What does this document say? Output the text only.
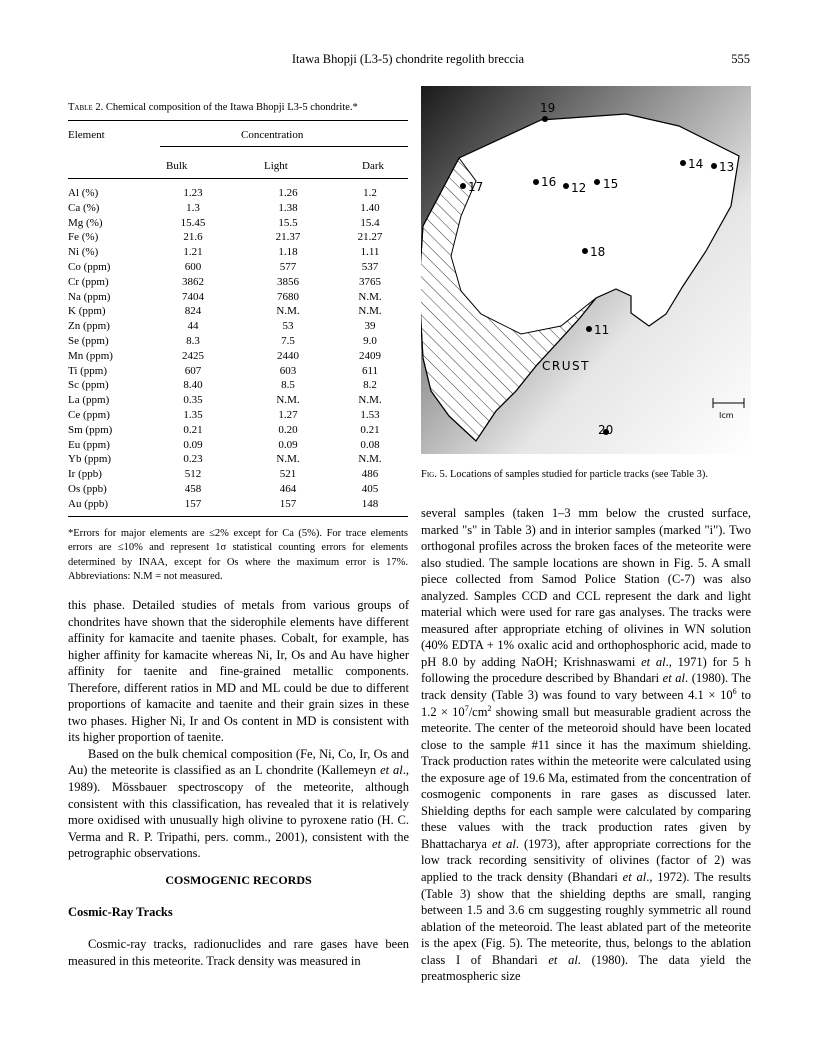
Itawa Bhopji (L3-5) chondrite regolith breccia	555
Table 2. Chemical composition of the Itawa Bhopji L3-5 chondrite.*
Element	Concentration
Bulk	Light	Dark
Al (%)	1.23	1.26	1.2
Ca (%)	1.3	1.38	1.40
Mg (%)	15.45	15.5	15.4
Fe (%)	21.6	21.37	21.27
Ni (%)	1.21	1.18	1.11
Co (ppm)	600	577	537
Cr (ppm)	3862	3856	3765
Na (ppm)	7404	7680	N.M.
K (ppm)	824	N.M.	N.M.
Zn (ppm)	44	53	39
Se (ppm)	8.3	7.5	9.0
Mn (ppm)	2425	2440	2409
Ti (ppm)	607	603	611
Sc (ppm)	8.40	8.5	8.2
La (ppm)	0.35	N.M.	N.M.
Ce (ppm)	1.35	1.27	1.53
Sm (ppm)	0.21	0.20	0.21
Eu (ppm)	0.09	0.09	0.08
Yb (ppm)	0.23	N.M.	N.M.
Ir (ppb)	512	521	486
Os (ppb)	458	464	405
Au (ppb)	157	157	148
*Errors for major elements are ≤2% except for Ca (5%). For trace elements errors are ≤10% and represent 1σ statistical counting errors for elements determined by INAA, except for Os where the maximum error is 17%. Abbreviations: N.M = not measured.

this phase. Detailed studies of metals from various groups of chondrites have shown that the siderophile elements have different affinity for kamacite and taenite phases. Cobalt, for example, has higher affinity for kamacite whereas Ni, Ir, Os and Au have higher affinity for taenite and fine-grained metallic components. Therefore, different ratios in MD and ML could be due to different proportions of kamacite and taenite and their grain sizes in these two phases. Higher Ni, Ir and Os content in MD is consistent with its higher proportion of taenite.

Based on the bulk chemical composition (Fe, Ni, Co, Ir, Os and Au) the meteorite is classified as an L chondrite (Kallemeyn et al., 1989). Mössbauer spectroscopy of the meteorite, although consistent with this classification, has revealed that it is relatively more oxidised with unusually high olivine to pyroxene ratio (H. C. Verma and R. P. Tripathi, pers. comm., 2001), consistent with the petrographic observations.

COSMOGENIC RECORDS
Cosmic-Ray Tracks

Cosmic-ray tracks, radionuclides and rare gases have been measured in this meteorite. Track density was measured in

19
17	16 12 15
14 13
18
11
20
CRUST
Icm
Fig. 5. Locations of samples studied for particle tracks (see Table 3).

several samples (taken 1–3 mm below the crusted surface, marked "s" in Table 3) and in interior samples (marked "i"). Two orthogonal profiles across the broken faces of the meteorite were also studied. The sample locations are shown in Fig. 5. A small piece collected from Samod Police Station (C-7) was also analyzed. Samples CCD and CCL represent the dark and light material which were used for rare gas analyses. The tracks were measured after appropriate etching of olivines in WN solution (40% EDTA + 1% oxalic acid and orthophosphoric acid, made to pH 8.0 by adding NaOH; Krishnaswami et al., 1971) for 5 h following the procedure described by Bhandari et al. (1980). The track density (Table 3) was found to vary between $4.1 \times 10^6$ to $1.2 \times 10^7/cm^2$ showing small but measurable gradient across the meteorite. The center of the meteoroid should have been located close to the sample #11 since it has the maximum shielding. Track production rates within the meteorite were calculated using the exposure age of 19.6 Ma, estimated from the concentration of cosmogenic components in rare gases as discussed later. Shielding depths for each sample were calculated by comparing these values with the track production rates given by Bhattacharya et al. (1973), after appropriate corrections for the low track recording sensitivity of olivines (factor of 2) was applied to the track density (Bhandari et al., 1972). The results (Table 3) show that the shielding depths are small, ranging between 1.5 and 3.6 cm suggesting roughly symmetric all round ablation of the meteoroid. The least ablated part of the meteorite is the apex (Fig. 5). The meteorite, thus, belongs to the ablation class I of Bhandari et al. (1980). The data yield the preatmospheric size
